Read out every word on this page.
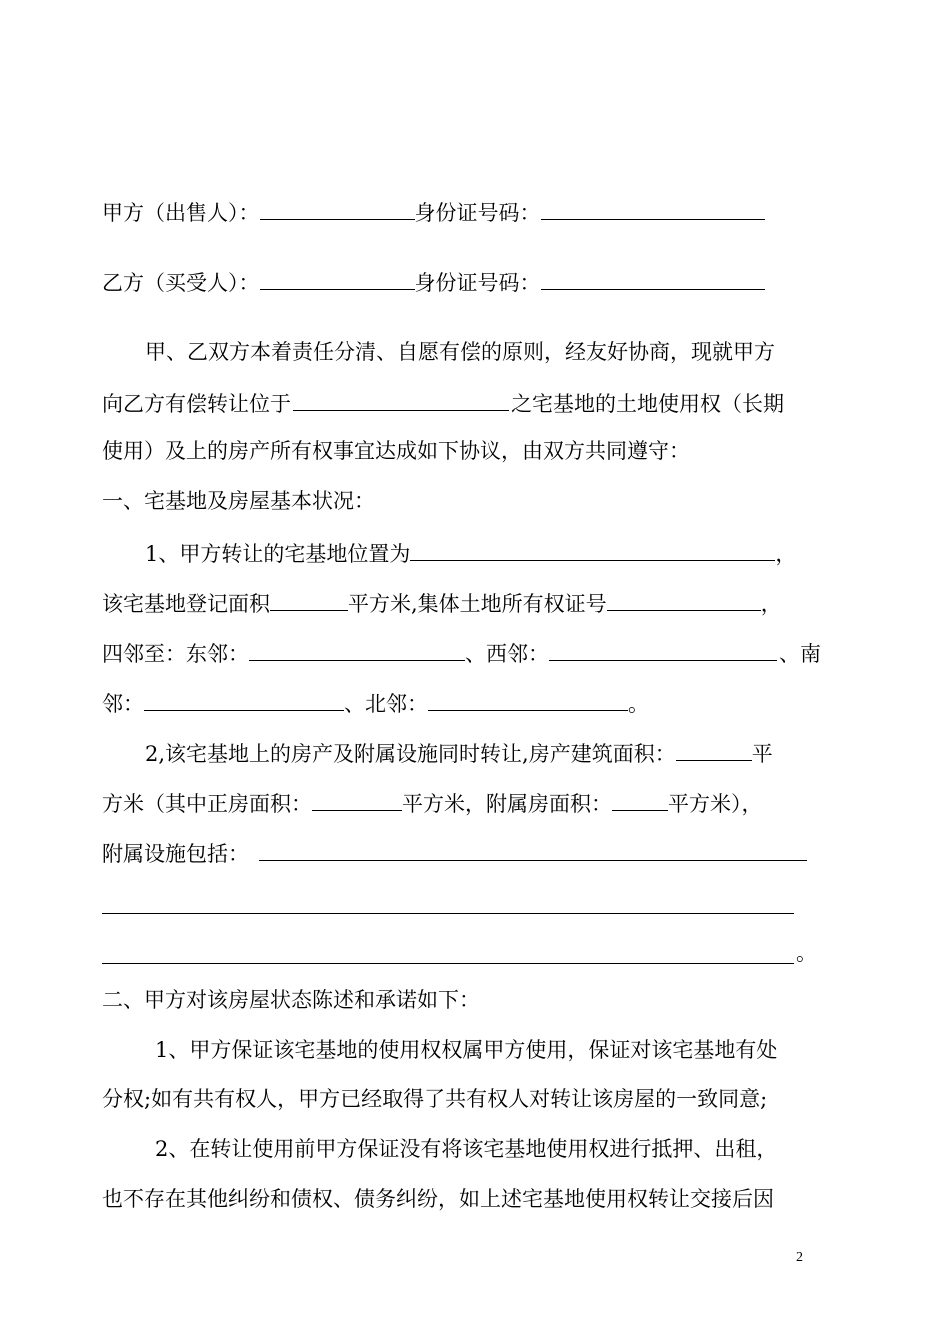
甲方（出售人）：	身份证号码：
乙方（买受人）：	身份证号码：
甲、乙双方本着责任分清、自愿有偿的原则，经友好协商，现就甲方
向乙方有偿转让位于	之宅基地的土地使用权（长期
使用）及上的房产所有权事宜达成如下协议，由双方共同遵守：
一、宅基地及房屋基本状况：
1、甲方转让的宅基地位置为	，
该宅基地登记面积	平方米,集体土地所有权证号	，
四邻至：东邻：	、西邻：	、南
邻：	、北邻：	。
2,该宅基地上的房产及附属设施同时转让,房产建筑面积：	平
方米（其中正房面积：	平方米，附属房面积：	平方米），
附属设施包括：
。
二、甲方对该房屋状态陈述和承诺如下：
1、甲方保证该宅基地的使用权权属甲方使用，保证对该宅基地有处
分权;如有共有权人，甲方已经取得了共有权人对转让该房屋的一致同意;
2、在转让使用前甲方保证没有将该宅基地使用权进行抵押、出租，
也不存在其他纠纷和债权、债务纠纷，如上述宅基地使用权转让交接后因
2
